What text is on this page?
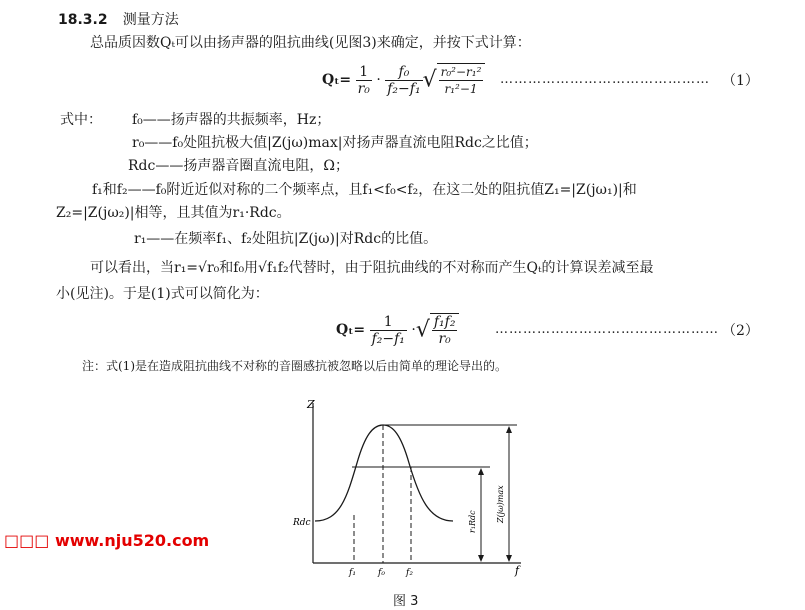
18.3.2 测量方法
总品质因数Qₜ可以由扬声器的阻抗曲线(见图3)来确定，并按下式计算：
$Q_t= \frac{1}{\text{r₀}} \cdot \frac{\text{f₀}}{\text{f₂−f₁}}$ √ $\frac{\text{r₀²−r₁²}}{\text{r₁²−1}}$ ……………………………………… （1）
式中： f₀——扬声器的共振频率，Hz；
r₀——f₀处阻抗极大值|Z(jω)max|对扬声器直流电阻Rdc之比值；
Rdc——扬声器音圈直流电阻，Ω；
f₁和f₂——f₀附近近似对称的二个频率点，且f₁<f₀<f₂，在这二处的阻抗值Z₁=|Z(jω₁)|和
Z₂=|Z(jω₂)|相等，且其值为r₁·Rdc。
r₁——在频率f₁、f₂处阻抗|Z(jω)|对Rdc的比值。
可以看出，当r₁=√r₀和f₀用√f₁f₂代替时，由于阻抗曲线的不对称而产生Qₜ的计算误差减至最
小(见注)。于是(1)式可以简化为：
$Q_t= \frac{1}{\text{f₂−f₁}}$ ·√ $\frac{\text{f₁f₂}}{\text{r₀}}$	………………………………………… （2）
注：式(1)是在造成阻抗曲线不对称的音圈感抗被忽略以后由简单的理论导出的。
Z
f
Rdc	r₁Rdc Z(jω)max
f₁ f₀ f₂
图 3
□□□ www.nju520.com
